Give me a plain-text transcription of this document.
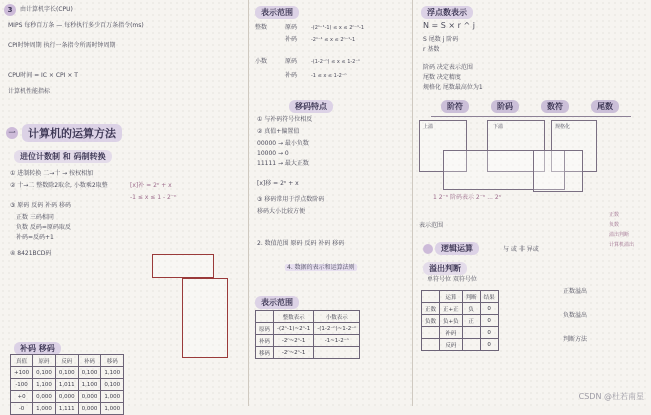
3	由计算机字长(CPU)
MIPS 每秒百万条 — 每秒执行多少百万条指令(ms)
CPI时钟周期 执行一条指令所需时钟周期
CPU时间 = IC × CPI × T
计算机性能指标
一	计算机的运算方法
进位计数制 和 码制转换
① 进制转换 二→十 → 按权相加
② 十→二 整数除2取余, 小数乘2取整
③ 原码 反码 补码 移码
正数 三码相同
负数 反码=原码取反
补码=反码+1
④ 8421BCD码
[x]补 = 2ⁿ + x
-1 ≤ x ≤ 1 - 2⁻ⁿ
补码 移码
真值	原码	反码	补码	移码
+100	0,100	0,100	0,100	1,100
-100	1,100	1,011	1,100	0,100
+0	0,000	0,000	0,000	1,000
-0	1,000	1,111	0,000	1,000
表示范围
整数	原码	-(2ⁿ⁻¹-1) ≤ x ≤ 2ⁿ⁻¹-1
补码	-2ⁿ⁻¹ ≤ x ≤ 2ⁿ⁻¹-1
小数	原码	-(1-2⁻ⁿ) ≤ x ≤ 1-2⁻ⁿ
补码	-1 ≤ x ≤ 1-2⁻ⁿ
移码特点
① 与补码符号位相反
② 真值+偏置值
00000 → 最小负数
10000 → 0
11111 → 最大正数
[x]移 = 2ⁿ + x
③ 移码常用于浮点数阶码
移码大小比较方便
2. 数值范围 原码 反码 补码 移码
4. 数据的表示和运算法则
表示范围
	整数表示	小数表示
原码	-(2ⁿ-1)~2ⁿ-1	-(1-2⁻ⁿ)~1-2⁻ⁿ
补码	-2ⁿ~2ⁿ-1	-1~1-2⁻ⁿ
移码	-2ⁿ~2ⁿ-1	
浮点数表示
N = S × r ^ j
S 尾数 j 阶码
r 基数
阶码 决定表示范围
尾数 决定精度
规格化 尾数最高位为1
阶符	阶码	数符	尾数
上溢	下溢	规格化
1 2⁻ⁿ 阶码表示 2⁻ⁿ ... 2ⁿ
表示范围
逻辑运算	与 或 非 异或
溢出判断
单符号位 双符号位
	运算	判断	结果
正数	正+正	负	0
负数	负+负	正	0
	补码		0
	反码		0
正数溢出
负数溢出
判断方法
正数
负数
溢出判断
计算机溢出
CSDN @杜若南星
